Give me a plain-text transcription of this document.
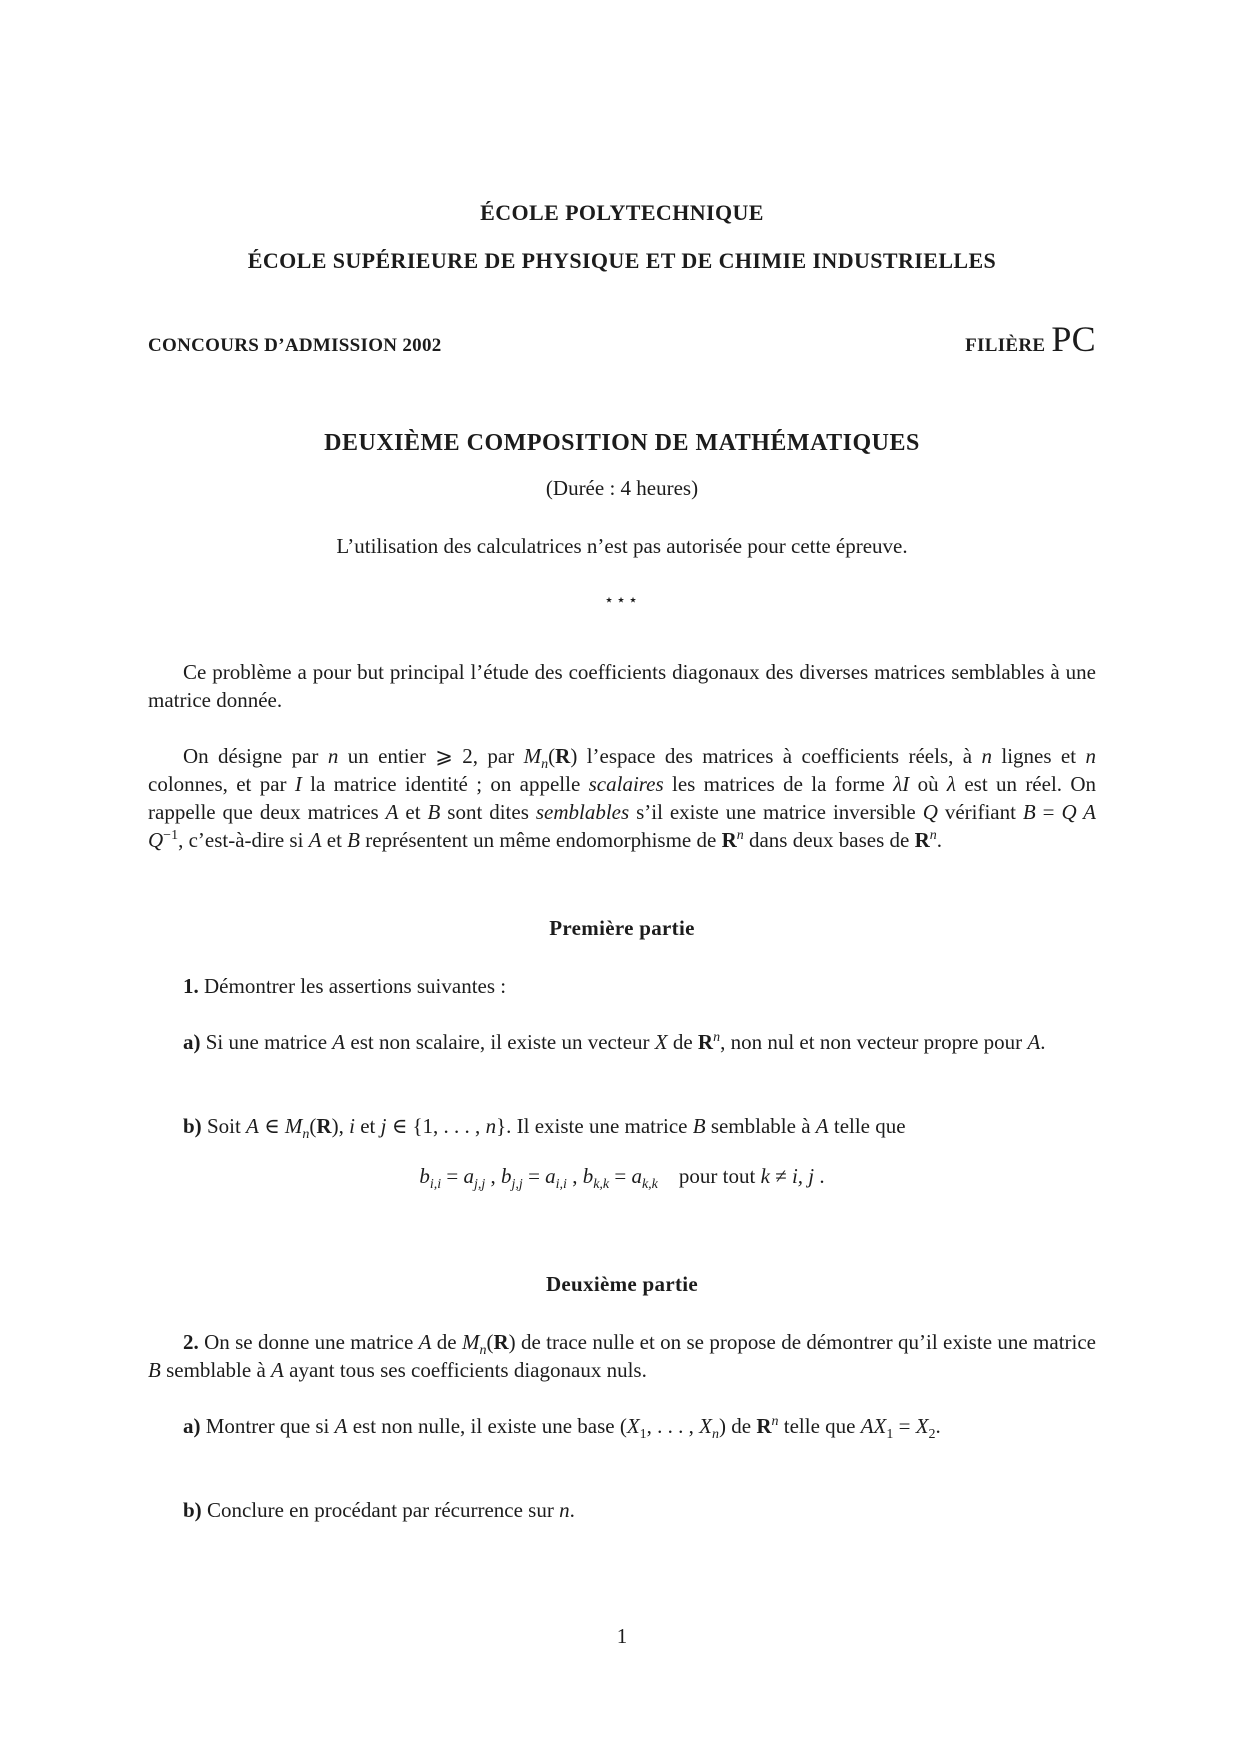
ÉCOLE POLYTECHNIQUE
ÉCOLE SUPÉRIEURE DE PHYSIQUE ET DE CHIMIE INDUSTRIELLES
CONCOURS D’ADMISSION 2002	FILIÈRE PC
DEUXIÈME COMPOSITION DE MATHÉMATIQUES
(Durée : 4 heures)
L’utilisation des calculatrices n’est pas autorisée pour cette épreuve.
⋆⋆⋆
Ce problème a pour but principal l’étude des coefficients diagonaux des diverses matrices semblables à une matrice donnée.
On désigne par n un entier ⩾ 2, par $M_n(R)$ l’espace des matrices à coefficients réels, à n lignes et n colonnes, et par I la matrice identité ; on appelle scalaires les matrices de la forme λI où λ est un réel. On rappelle que deux matrices A et B sont dites semblables s’il existe une matrice inversible Q vérifiant B = Q A $Q^{-1}$, c’est-à-dire si A et B représentent un même endomorphisme de $R^n$ dans deux bases de $R^n$.
Première partie
1. Démontrer les assertions suivantes :
a) Si une matrice A est non scalaire, il existe un vecteur X de $R^n$, non nul et non vecteur propre pour A.
b) Soit A ∈ $M_n(R)$, i et j ∈ {1, . . . , n}. Il existe une matrice B semblable à A telle que
$b_{i,i} = a_{j,j}$ , $b_{j,j} = a_{i,i}$ , $b_{k,k} = a_{k,k}$    pour tout k ≠ i, j .
Deuxième partie
2. On se donne une matrice A de $M_n(R)$ de trace nulle et on se propose de démontrer qu’il existe une matrice B semblable à A ayant tous ses coefficients diagonaux nuls.
a) Montrer que si A est non nulle, il existe une base ($X_1$, . . . , $X_n$) de $R^n$ telle que $AX_1 = X_2$.
b) Conclure en procédant par récurrence sur n.
1
